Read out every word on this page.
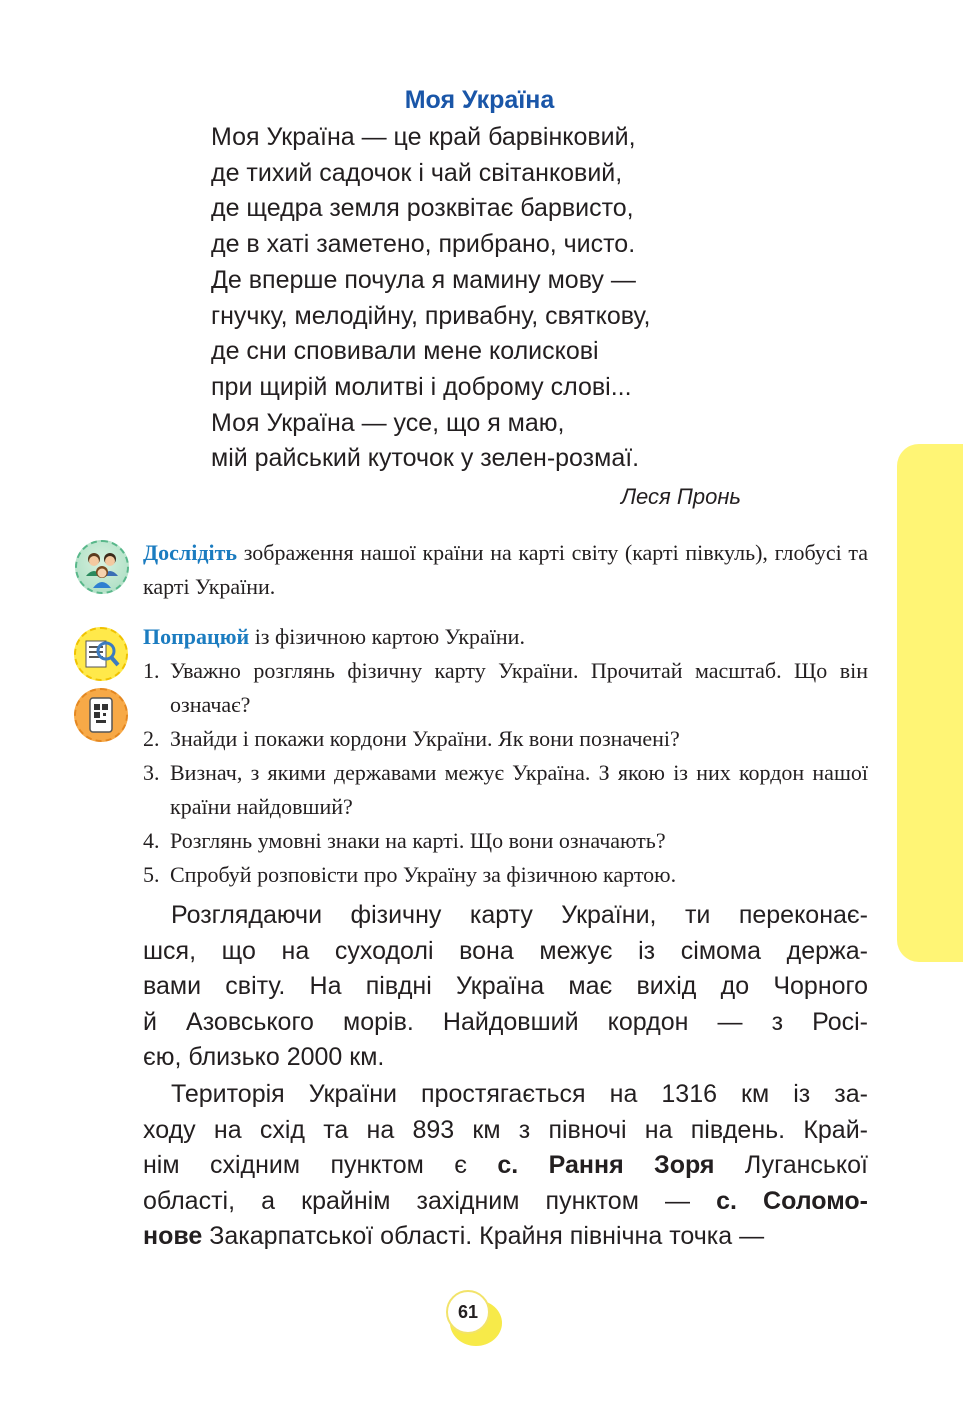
Моя Україна
Моя Україна — це край барвінковий,
де тихий садочок і чай світанковий,
де щедра земля розквітає барвисто,
де в хаті заметено, прибрано, чисто.
Де вперше почула я мамину мову —
гнучку, мелодійну, привабну, святкову,
де сни сповивали мене колискові
при щирій молитві і доброму слові...
Моя Україна — усе, що я маю,
мій райський куточок у зелен-розмаї.
Леся Пронь
Дослідіть зображення нашої країни на карті світу (карті півкуль), глобусі та карті України.
Попрацюй із фізичною картою України.
1. Уважно розглянь фізичну карту України. Прочитай масштаб. Що він означає?
2. Знайди і покажи кордони України. Як вони позначені?
3. Визнач, з якими державами межує Україна. З якою із них кордон нашої країни найдовший?
4. Розглянь умовні знаки на карті. Що вони означають?
5. Спробуй розповісти про Україну за фізичною картою.
Розглядаючи фізичну карту України, ти переконає-
шся, що на суходолі вона межує із сімома держа-
вами світу. На півдні Україна має вихід до Чорного
й Азовського морів. Найдовший кордон — з Росі-
єю, близько 2000 км.
Територія України простягається на 1316 км із за-
ходу на схід та на 893 км з півночі на південь. Край-
нім східним пунктом є с. Рання Зоря Луганської
області, а крайнім західним пунктом — с. Соломо-
нове Закарпатської області. Крайня північна точка —
61
